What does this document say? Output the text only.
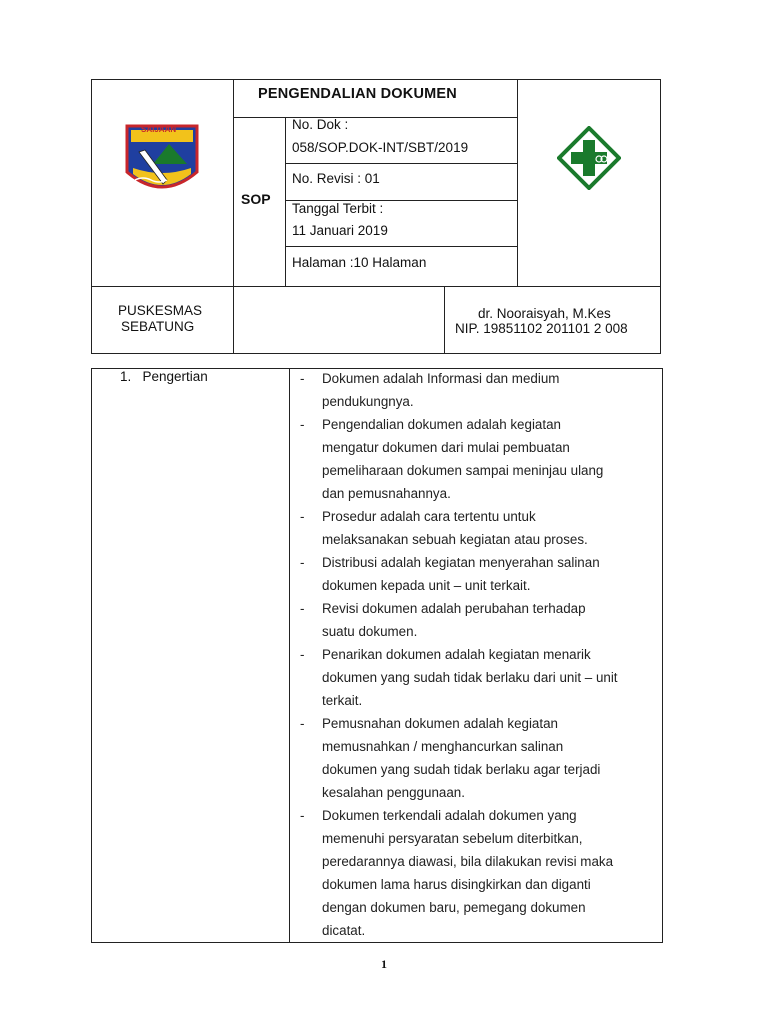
SAIJAAN
PENGENDALIAN DOKUMEN
SOP
No. Dok :
058/SOP.DOK-INT/SBT/2019
No. Revisi : 01
Tanggal Terbit :
11 Januari 2019
Halaman :10 Halaman
PUSKESMAS
SEBATUNG
dr. Nooraisyah, M.Kes
NIP. 19851102 201101 2 008
1.   Pengertian	- Dokumen adalah Informasi dan medium
pendukungnya.
- Pengendalian dokumen adalah kegiatan
mengatur dokumen dari mulai pembuatan
pemeliharaan dokumen sampai meninjau ulang
dan pemusnahannya.
- Prosedur adalah cara tertentu untuk
melaksanakan sebuah kegiatan atau proses.
- Distribusi adalah kegiatan menyerahan salinan
dokumen kepada unit – unit terkait.
- Revisi dokumen adalah perubahan terhadap
suatu dokumen.
- Penarikan dokumen adalah kegiatan menarik
dokumen yang sudah tidak berlaku dari unit – unit
terkait.
- Pemusnahan dokumen adalah kegiatan
memusnahkan / menghancurkan salinan
dokumen yang sudah tidak berlaku agar terjadi
kesalahan penggunaan.
- Dokumen terkendali adalah dokumen yang
memenuhi persyaratan sebelum diterbitkan,
peredarannya diawasi, bila dilakukan revisi maka
dokumen lama harus disingkirkan dan diganti
dengan dokumen baru, pemegang dokumen
dicatat.
1
